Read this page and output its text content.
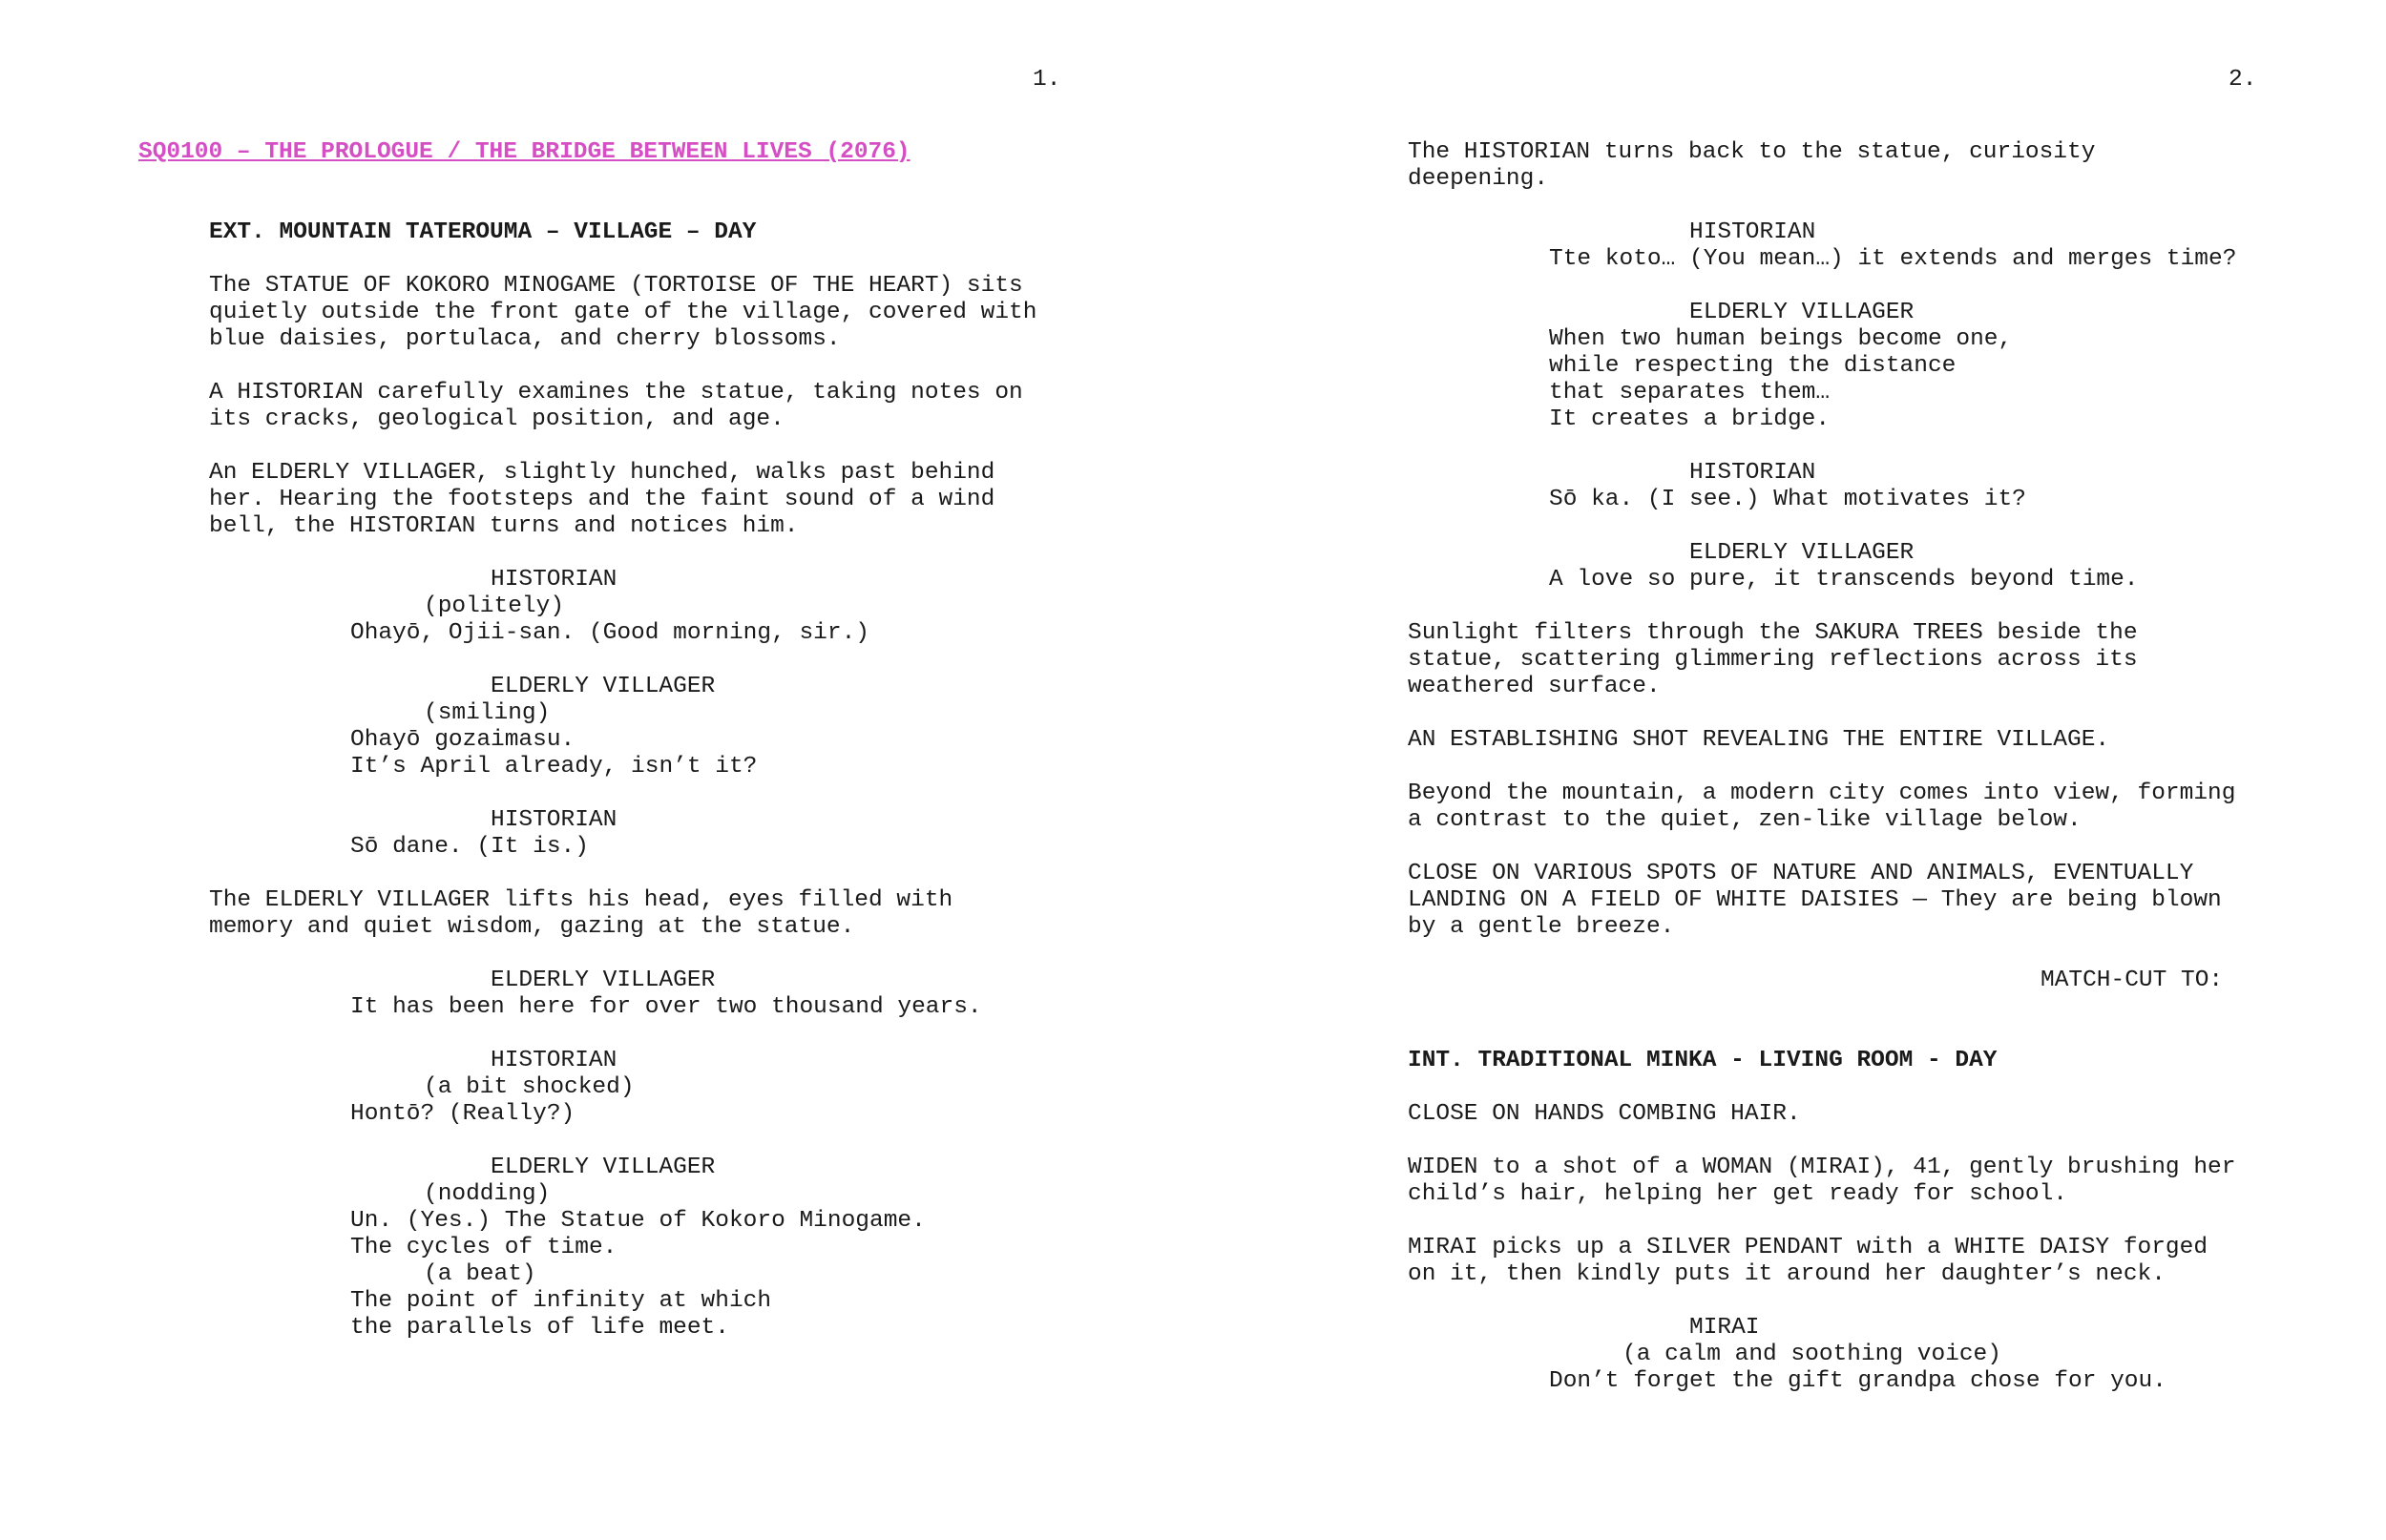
1.
SQ0100 – THE PROLOGUE / THE BRIDGE BETWEEN LIVES (2076)
EXT. MOUNTAIN TATEROUMA – VILLAGE – DAY
The STATUE OF KOKORO MINOGAME (TORTOISE OF THE HEART) sits
quietly outside the front gate of the village, covered with
blue daisies, portulaca, and cherry blossoms.
A HISTORIAN carefully examines the statue, taking notes on
its cracks, geological position, and age.
An ELDERLY VILLAGER, slightly hunched, walks past behind
her. Hearing the footsteps and the faint sound of a wind
bell, the HISTORIAN turns and notices him.
HISTORIAN
(politely)
Ohayō, Ojii-san. (Good morning, sir.)
ELDERLY VILLAGER
(smiling)
Ohayō gozaimasu.
It’s April already, isn’t it?
HISTORIAN
Sō dane. (It is.)
The ELDERLY VILLAGER lifts his head, eyes filled with
memory and quiet wisdom, gazing at the statue.
ELDERLY VILLAGER
It has been here for over two thousand years.
HISTORIAN
(a bit shocked)
Hontō? (Really?)
ELDERLY VILLAGER
(nodding)
Un. (Yes.) The Statue of Kokoro Minogame.
The cycles of time.
(a beat)
The point of infinity at which
the parallels of life meet.
2.
The HISTORIAN turns back to the statue, curiosity
deepening.
HISTORIAN
Tte koto… (You mean…) it extends and merges time?
ELDERLY VILLAGER
When two human beings become one,
while respecting the distance
that separates them…
It creates a bridge.
HISTORIAN
Sō ka. (I see.) What motivates it?
ELDERLY VILLAGER
A love so pure, it transcends beyond time.
Sunlight filters through the SAKURA TREES beside the
statue, scattering glimmering reflections across its
weathered surface.
AN ESTABLISHING SHOT REVEALING THE ENTIRE VILLAGE.
Beyond the mountain, a modern city comes into view, forming
a contrast to the quiet, zen-like village below.
CLOSE ON VARIOUS SPOTS OF NATURE AND ANIMALS, EVENTUALLY
LANDING ON A FIELD OF WHITE DAISIES — They are being blown
by a gentle breeze.
MATCH-CUT TO:
INT. TRADITIONAL MINKA - LIVING ROOM - DAY
CLOSE ON HANDS COMBING HAIR.
WIDEN to a shot of a WOMAN (MIRAI), 41, gently brushing her
child’s hair, helping her get ready for school.
MIRAI picks up a SILVER PENDANT with a WHITE DAISY forged
on it, then kindly puts it around her daughter’s neck.
MIRAI
(a calm and soothing voice)
Don’t forget the gift grandpa chose for you.
